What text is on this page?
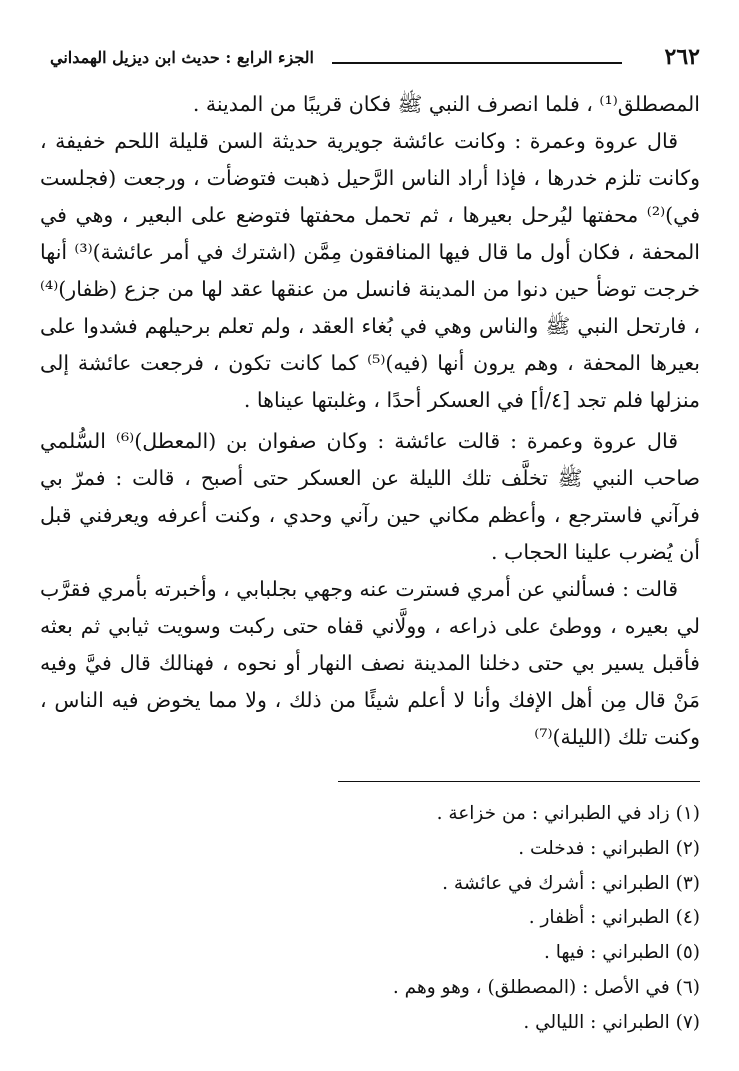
الجزء الرابع : حديث ابن ديزيل الهمداني	٢٦٢

المصطلق⁽¹⁾ ، فلما انصرف النبي ﷺ فكان قريبًا من المدينة .

قال عروة وعمرة : وكانت عائشة جويرية حديثة السن قليلة اللحم خفيفة ، وكانت تلزم خدرها ، فإذا أراد الناس الرَّحيل ذهبت فتوضأت ، ورجعت (فجلست في)⁽²⁾ محفتها ليُرحل بعيرها ، ثم تحمل محفتها فتوضع على البعير ، وهي في المحفة ، فكان أول ما قال فيها المنافقون مِمَّن (اشترك في أمر عائشة)⁽³⁾ أنها خرجت توضأ حين دنوا من المدينة فانسل من عنقها عقد لها من جزع (ظفار)⁽⁴⁾ ، فارتحل النبي ﷺ والناس وهي في بُغاء العقد ، ولم تعلم برحيلهم فشدوا على بعيرها المحفة ، وهم يرون أنها (فيه)⁽⁵⁾ كما كانت تكون ، فرجعت عائشة إلى منزلها فلم تجد [٤/أ] في العسكر أحدًا ، وغلبتها عيناها .

قال عروة وعمرة : قالت عائشة : وكان صفوان بن (المعطل)⁽⁶⁾ السُّلمي صاحب النبي ﷺ تخلَّف تلك الليلة عن العسكر حتى أصبح ، قالت : فمرّ بي فرآني فاسترجع ، وأعظم مكاني حين رآني وحدي ، وكنت أعرفه ويعرفني قبل أن يُضرب علينا الحجاب .

قالت : فسألني عن أمري فسترت عنه وجهي بجلبابي ، وأخبرته بأمري فقرَّب لي بعيره ، ووطئ على ذراعه ، وولَّاني قفاه حتى ركبت وسويت ثيابي ثم بعثه فأقبل يسير بي حتى دخلنا المدينة نصف النهار أو نحوه ، فهنالك قال فيَّ وفيه مَنْ قال مِن أهل الإفك وأنا لا أعلم شيئًا من ذلك ، ولا مما يخوض فيه الناس ، وكنت تلك (الليلة)⁽⁷⁾

(١) زاد في الطبراني : من خزاعة .
(٢) الطبراني : فدخلت .
(٣) الطبراني : أشرك في عائشة .
(٤) الطبراني : أظفار .
(٥) الطبراني : فيها .
(٦) في الأصل : (المصطلق) ، وهو وهم .
(٧) الطبراني : الليالي .
